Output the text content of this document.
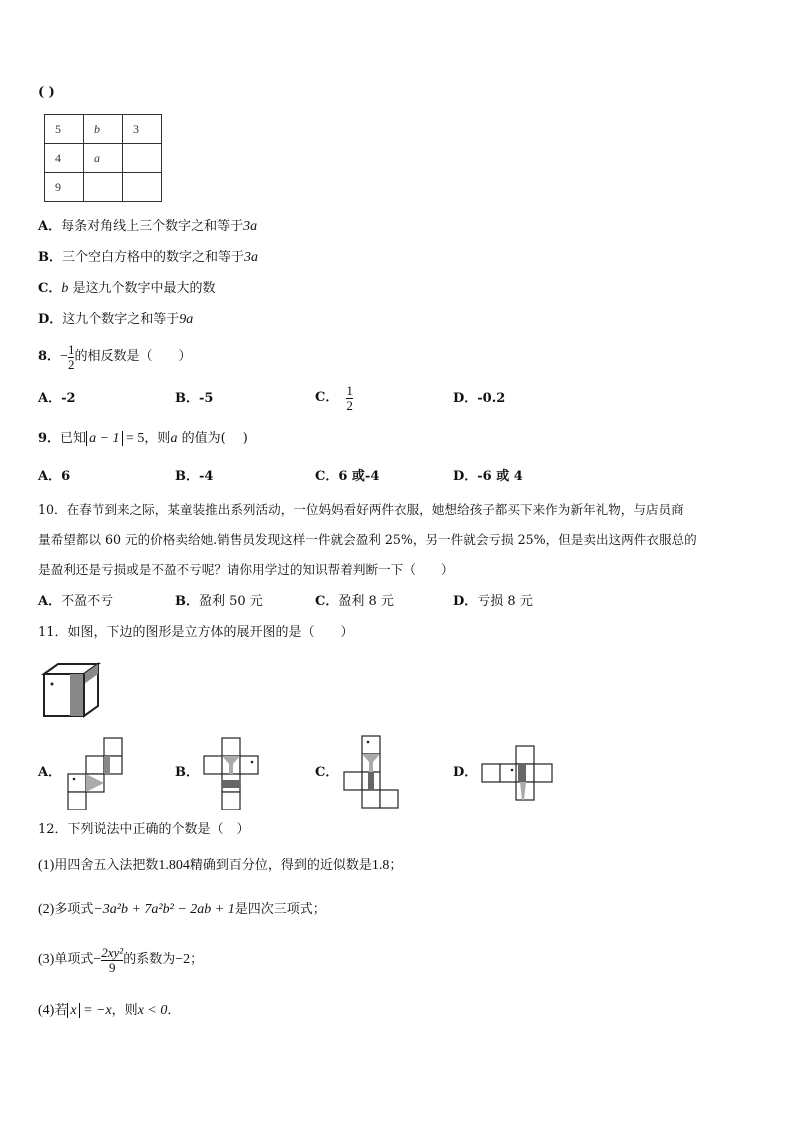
( )
5	b	3
4	a	
9		
A．每条对角线上三个数字之和等于3a
B．三个空白方格中的数字之和等于3a
C．b 是这九个数字中最大的数
D．这九个数字之和等于9a
8． − $\frac{1}{2}$ 的相反数是（　　）
A．-2	B．-5	C． $\frac{1}{2}$	D．-0.2
9．已知 a − 1 = 5，则a 的值为(　 )
A．6	B．-4	C．6 或-4	D．-6 或 4
10．在春节到来之际，某童装推出系列活动，一位妈妈看好两件衣服，她想给孩子都买下来作为新年礼物，与店员商
量希望都以 60 元的价格卖给她.销售员发现这样一件就会盈利 25%，另一件就会亏损 25%，但是卖出这两件衣服总的
是盈利还是亏损或是不盈不亏呢？请你用学过的知识帮着判断一下（　　）
A．不盈不亏	B．盈利 50 元	C．盈利 8 元	D．亏损 8 元
11．如图，下边的图形是立方体的展开图的是（　　）
A．	B．	C．	D．
12．下列说法中正确的个数是（　）
(1)用四舍五入法把数1.804精确到百分位，得到的近似数是1.8；
(2)多项式−3a²b + 7a²b² − 2ab + 1是四次三项式；
(3) 单项式 − $\frac{\text{2xy²}}{9}$ 的系数为 −2 ；
(4)若 x = −x，则x < 0．
